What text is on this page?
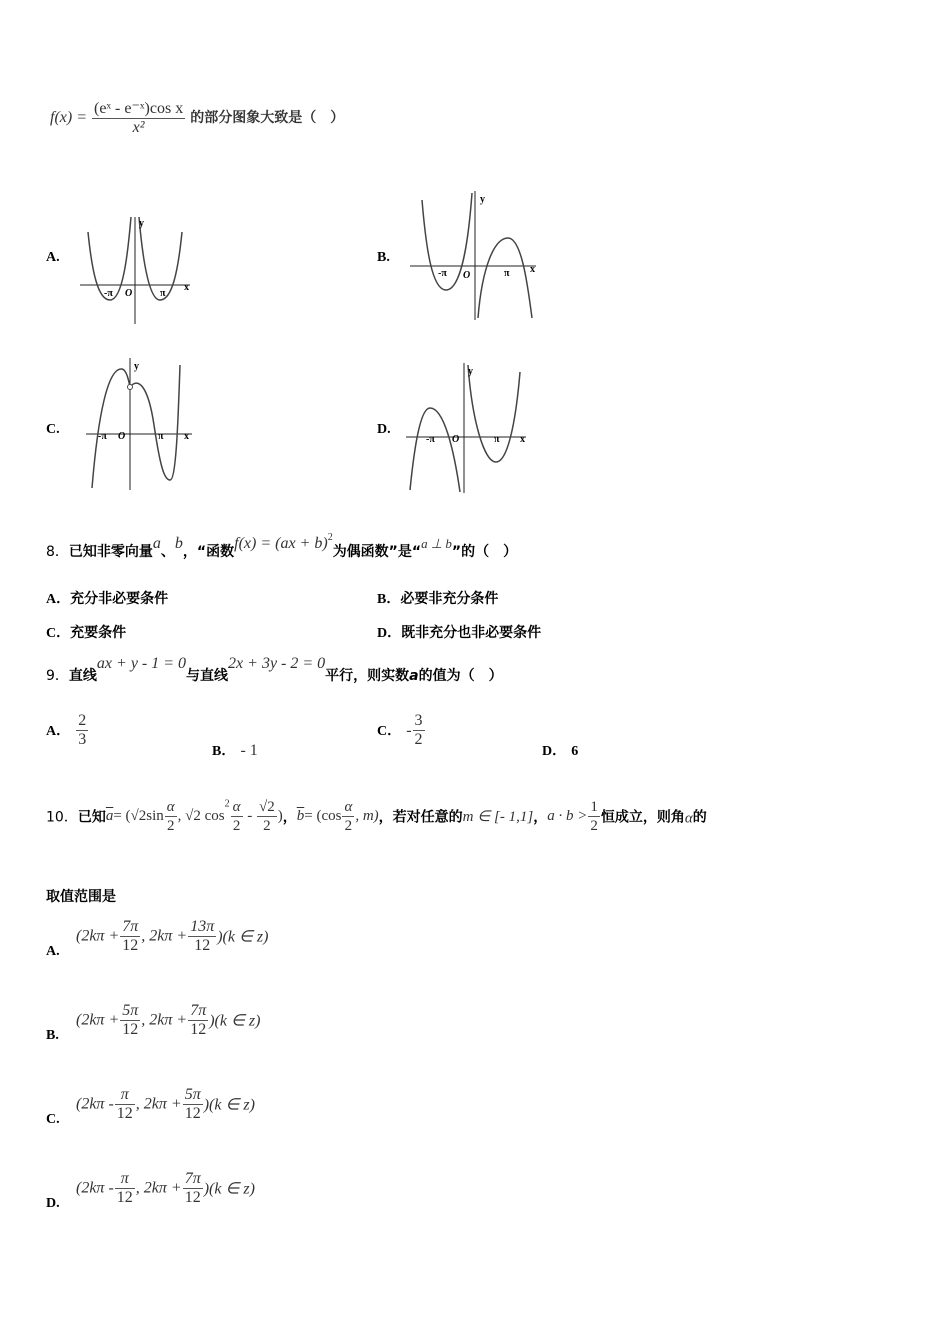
$f(x) = \frac{\text{(eˣ - e⁻ˣ)cos x}}{\text{x²}}$ 的部分图象大致是（　）
A.
y
O
-π	π
x
B.
y
O
-π	π x
C.
y
O
-π	π x	D.
y
O
-π	π x
8．已知非零向量a、b，“函数f(x) = (ax + b)$^2$为偶函数”是“$^{a \perp b}$”的（　）
A．充分非必要条件	B．必要非充分条件
C．充要条件	D．既非充分也非必要条件
9．直线ax + y - 1 = 0与直线2x + 3y - 2 = 0平行，则实数a的值为（　）
A． $\frac{2}{3}$
B． - 1
C． - $\frac{3}{2}$
D． 6
10．已知 $\overline{a}= (√2\sin \frac{\alpha}{2}$ , √2 $\cos^2 \frac{\alpha}{2} - \frac{√2}{2}$ )， $\overline{b}= (\cos \frac{\alpha}{2}$ , m)，若对任意的m ∈ [- 1,1]， $a \cdot b > \frac{1}{2}$ 恒成立，则角α的
取值范围是
$A.(2k\pi + \frac{7\pi}{12}$ , $2k\pi + \frac{13\pi}{12} )(k$ ∈ z)
$B.(2k\pi + \frac{5\pi}{12}$ , $2k\pi + \frac{7\pi}{12} )(k$ ∈ z)
$C.(2k\pi - \frac{\pi}{12}$ , $2k\pi + \frac{5\pi}{12} )(k$ ∈ z)
$D.(2k\pi - \frac{\pi}{12}$ , $2k\pi + \frac{7\pi}{12} )(k$ ∈ z)
